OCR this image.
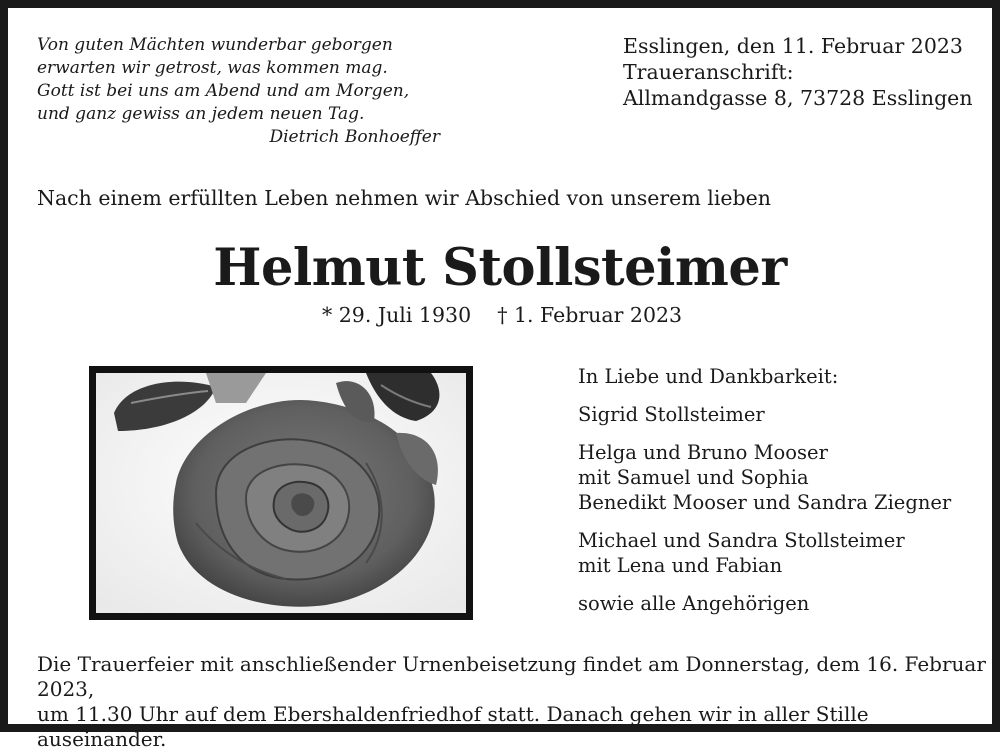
Von guten Mächten wunderbar geborgen
erwarten wir getrost, was kommen mag.
Gott ist bei uns am Abend und am Morgen,
und ganz gewiss an jedem neuen Tag.
Dietrich Bonhoeffer
Esslingen, den 11. Februar 2023
Traueranschrift:
Allmandgasse 8, 73728 Esslingen
Nach einem erfüllten Leben nehmen wir Abschied von unserem lieben
Helmut Stollsteimer
* 29. Juli 1930 † 1. Februar 2023
In Liebe und Dankbarkeit:
Sigrid Stollsteimer
Helga und Bruno Mooser
mit Samuel und Sophia
Benedikt Mooser und Sandra Ziegner
Michael und Sandra Stollsteimer
mit Lena und Fabian
sowie alle Angehörigen
Die Trauerfeier mit anschließender Urnenbeisetzung findet am Donnerstag, dem 16. Februar 2023,
um 11.30 Uhr auf dem Ebershaldenfriedhof statt. Danach gehen wir in aller Stille auseinander.
